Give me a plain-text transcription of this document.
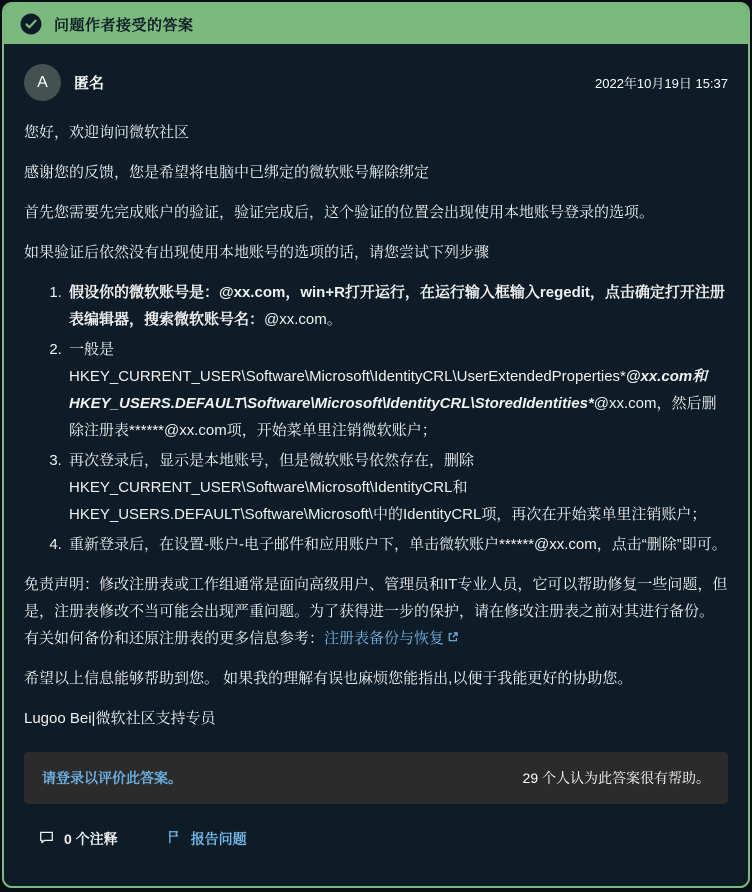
问题作者接受的答案
A 匿名	2022年10月19日 15:37

您好，欢迎询问微软社区

感谢您的反馈，您是希望将电脑中已绑定的微软账号解除绑定

首先您需要先完成账户的验证，验证完成后，这个验证的位置会出现使用本地账号登录的选项。

如果验证后依然没有出现使用本地账号的选项的话，请您尝试下列步骤

1. 假设你的微软账号是：@xx.com，win+R打开运行，在运行输入框输入regedit，点击确定打开注册表编辑器，搜索微软账号名：@xx.com。
2. 一般是HKEY_CURRENT_USER\Software\Microsoft\IdentityCRL\UserExtendedProperties*@xx.com和HKEY_USERS.DEFAULT\Software\Microsoft\IdentityCRL\StoredIdentities*@xx.com，然后删除注册表******@xx.com项，开始菜单里注销微软账户；
3. 再次登录后，显示是本地账号，但是微软账号依然存在，删除HKEY_CURRENT_USER\Software\Microsoft\IdentityCRL和HKEY_USERS.DEFAULT\Software\Microsoft\中的IdentityCRL项，再次在开始菜单里注销账户；
4. 重新登录后，在设置-账户-电子邮件和应用账户下，单击微软账户******@xx.com，点击“删除”即可。

免责声明：修改注册表或工作组通常是面向高级用户、管理员和IT专业人员，它可以帮助修复一些问题，但是，注册表修改不当可能会出现严重问题。为了获得进一步的保护，请在修改注册表之前对其进行备份。 有关如何备份和还原注册表的更多信息参考：注册表备份与恢复

希望以上信息能够帮助到您。 如果我的理解有误也麻烦您能指出,以便于我能更好的协助您。

Lugoo Bei|微软社区支持专员

请登录以评价此答案。	29 个人认为此答案很有帮助。
0 个注释	报告问题
